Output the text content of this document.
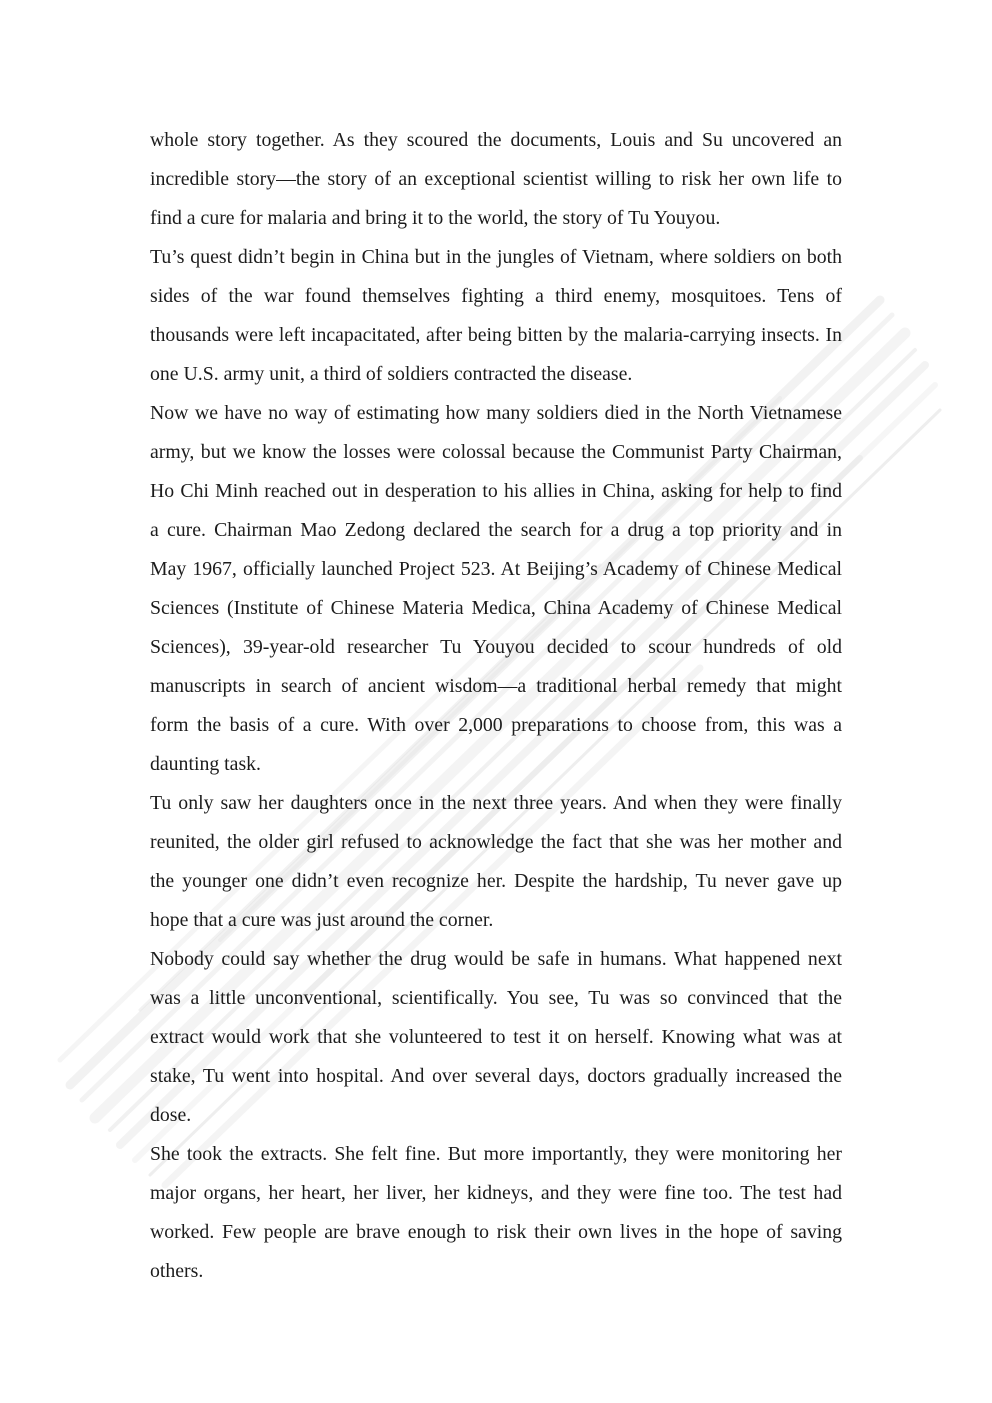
whole story together. As they scoured the documents, Louis and Su uncovered an
incredible story—the story of an exceptional scientist willing to risk her own life to
find a cure for malaria and bring it to the world, the story of Tu Youyou.
Tu’s quest didn’t begin in China but in the jungles of Vietnam, where soldiers on both
sides of the war found themselves fighting a third enemy, mosquitoes. Tens of
thousands were left incapacitated, after being bitten by the malaria-carrying insects. In
one U.S. army unit, a third of soldiers contracted the disease.
Now we have no way of estimating how many soldiers died in the North Vietnamese
army, but we know the losses were colossal because the Communist Party Chairman,
Ho Chi Minh reached out in desperation to his allies in China, asking for help to find
a cure. Chairman Mao Zedong declared the search for a drug a top priority and in
May 1967, officially launched Project 523. At Beijing’s Academy of Chinese Medical
Sciences (Institute of Chinese Materia Medica, China Academy of Chinese Medical
Sciences), 39-year-old researcher Tu Youyou decided to scour hundreds of old
manuscripts in search of ancient wisdom—a traditional herbal remedy that might
form the basis of a cure. With over 2,000 preparations to choose from, this was a
daunting task.
Tu only saw her daughters once in the next three years. And when they were finally
reunited, the older girl refused to acknowledge the fact that she was her mother and
the younger one didn’t even recognize her. Despite the hardship, Tu never gave up
hope that a cure was just around the corner.
Nobody could say whether the drug would be safe in humans. What happened next
was a little unconventional, scientifically. You see, Tu was so convinced that the
extract would work that she volunteered to test it on herself. Knowing what was at
stake, Tu went into hospital. And over several days, doctors gradually increased the
dose.
She took the extracts. She felt fine. But more importantly, they were monitoring her
major organs, her heart, her liver, her kidneys, and they were fine too. The test had
worked. Few people are brave enough to risk their own lives in the hope of saving
others.
